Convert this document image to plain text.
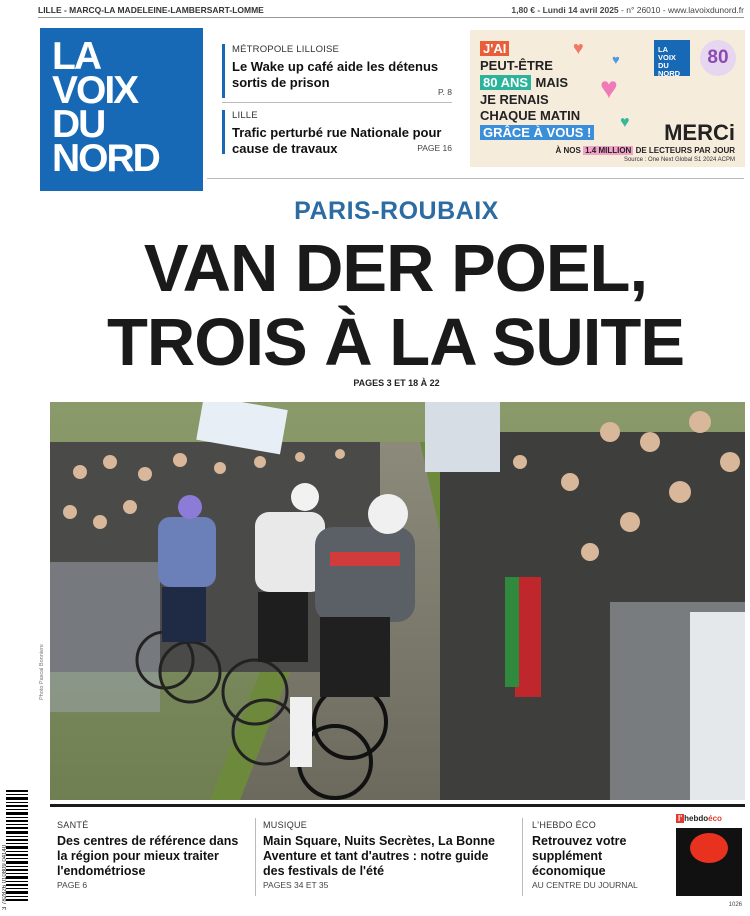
LILLE - MARCQ-LA MADELEINE-LAMBERSART-LOMME	1,80 € - Lundi 14 avril 2025 - n° 26010 - www.lavoixdunord.fr
LA
VOIX
DU
NORD
MÉTROPOLE LILLOISE
Le Wake up café aide les détenus sortis de prison
P. 8
LILLE
Trafic perturbé rue Nationale pour cause de travaux	PAGE 16
J'AI

PEUT-ÊTRE
80 ANS MAIS
JE RENAIS
CHAQUE MATIN
GRÂCE À VOUS !
♥
♥
♥
♥
LA
VOIX
DU
NORD
80
MERCi
À NOS 1.4 MILLION DE LECTEURS PAR JOUR
Source : One Next Global S1 2024 ACPM
PARIS-ROUBAIX
VAN DER POEL,
TROIS À LA SUITE
PAGES 3 ET 18 À 22
Photo Pascal Bonniere
3 782826 010809 04140
SANTÉ
Des centres de référence dans la région pour mieux traiter l'endométriose
PAGE 6
MUSIQUE
Main Square, Nuits Secrètes, La Bonne Aventure et tant d'autres : notre guide des festivals de l'été
PAGES 34 ET 35
L'HEBDO ÉCO
Retrouvez votre supplément économique
AU CENTRE DU JOURNAL
l' hebdoéco
1026
